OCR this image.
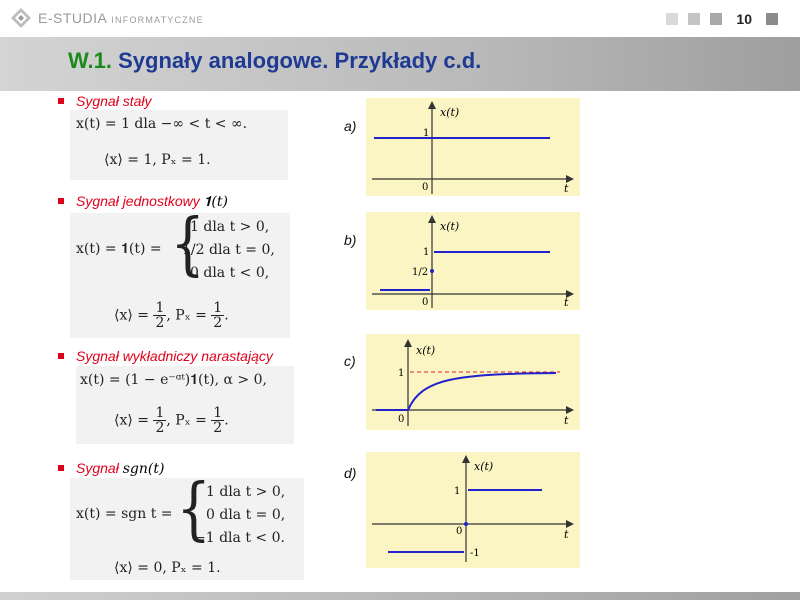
E-STUDIA INFORMATYCZNE	10
W.1. Sygnały analogowe. Przykłady c.d.
Sygnał stały
x(t) = 1 dla −∞ < t < ∞.
⟨x⟩ = 1, Pₓ = 1.
a)
x(t)
1
0	t
Sygnał jednostkowy 𝟏(t)
x(t) = 𝟏(t) = {
1 dla t > 0,
1/2 dla t = 0,
0 dla t < 0,
⟨x⟩ = $\frac{1}{2}$ , $P_x = \frac{1}{2}$ .
b)
x(t)
1
1/2
0	t
Sygnał wykładniczy narastający
x(t) = (1 − e⁻ᵅᵗ)𝟏(t), α > 0,
⟨x⟩ = $\frac{1}{2}$ , $P_x = \frac{1}{2}$ .
c)
x(t)
1
0	t
Sygnał sgn(t)
x(t) = sgn t = {
1 dla t > 0,
0 dla t = 0,
−1 dla t < 0.
⟨x⟩ = 0, Pₓ = 1.
d)	x(t)
1
0
-1
t
